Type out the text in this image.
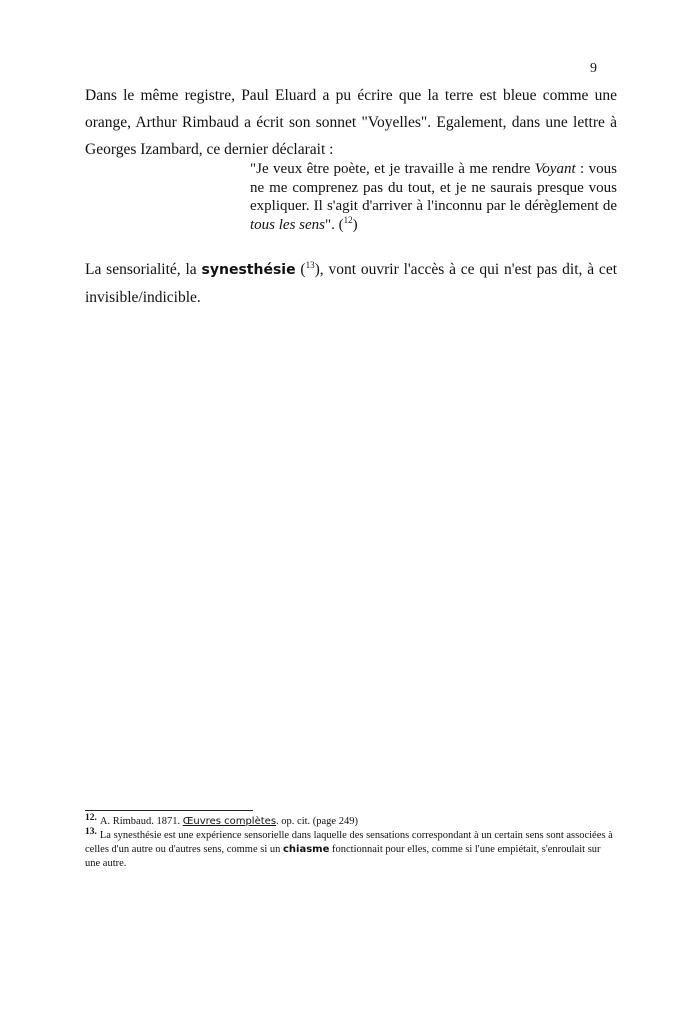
9

Dans le même registre, Paul Eluard a pu écrire que la terre est bleue comme une orange, Arthur Rimbaud a écrit son sonnet "Voyelles". Egalement, dans une lettre à Georges Izambard, ce dernier déclarait :

"Je veux être poète, et je travaille à me rendre Voyant : vous ne me comprenez pas du tout, et je ne saurais presque vous expliquer. Il s'agit d'arriver à l'inconnu par le dérèglement de tous les sens". ($^{12}$)

La sensorialité, la synesthésie ($^{13}$), vont ouvrir l'accès à ce qui n'est pas dit, à cet invisible/indicible.

12. A. Rimbaud. 1871. Œuvres complètes. op. cit. (page 249)
13. La synesthésie est une expérience sensorielle dans laquelle des sensations correspondant à un certain sens sont associées à celles d'un autre ou d'autres sens, comme si un chiasme fonctionnait pour elles, comme si l'une empiétait, s'enroulait sur une autre.
